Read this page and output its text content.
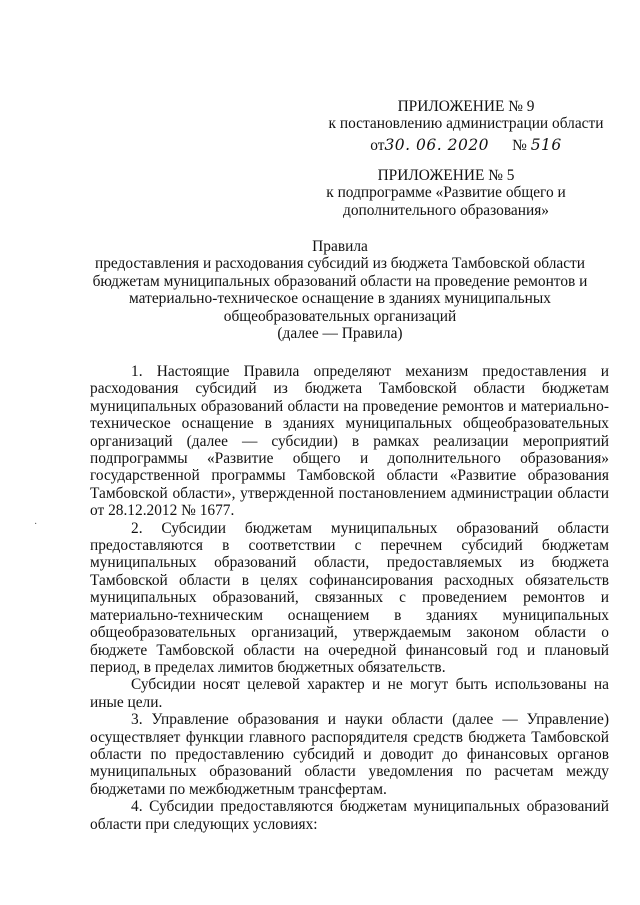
ПРИЛОЖЕНИЕ № 9
к постановлению администрации области
от30. 06. 2020 № 516
ПРИЛОЖЕНИЕ № 5
к подпрограмме «Развитие общего и
дополнительного образования»
Правила
предоставления и расходования субсидий из бюджета Тамбовской области
бюджетам муниципальных образований области на проведение ремонтов и
материально-техническое оснащение в зданиях муниципальных
общеобразовательных организаций
(далее — Правила)
·

1. Настоящие Правила определяют механизм предоставления и расходования субсидий из бюджета Тамбовской области бюджетам муниципальных образований области на проведение ремонтов и материально-техническое оснащение в зданиях муниципальных общеобразовательных организаций (далее — субсидии) в рамках реализации мероприятий подпрограммы «Развитие общего и дополнительного образования» государственной программы Тамбовской области «Развитие образования Тамбовской области», утвержденной постановлением администрации области от 28.12.2012 № 1677.

2. Субсидии бюджетам муниципальных образований области предоставляются в соответствии с перечнем субсидий бюджетам муниципальных образований области, предоставляемых из бюджета Тамбовской области в целях софинансирования расходных обязательств муниципальных образований, связанных с проведением ремонтов и материально-техническим оснащением в зданиях муниципальных общеобразовательных организаций, утверждаемым законом области о бюджете Тамбовской области на очередной финансовый год и плановый период, в пределах лимитов бюджетных обязательств.

Субсидии носят целевой характер и не могут быть использованы на иные цели.

3. Управление образования и науки области (далее — Управление) осуществляет функции главного распорядителя средств бюджета Тамбовской области по предоставлению субсидий и доводит до финансовых органов муниципальных образований области уведомления по расчетам между бюджетами по межбюджетным трансфертам.

4. Субсидии предоставляются бюджетам муниципальных образований области при следующих условиях:
